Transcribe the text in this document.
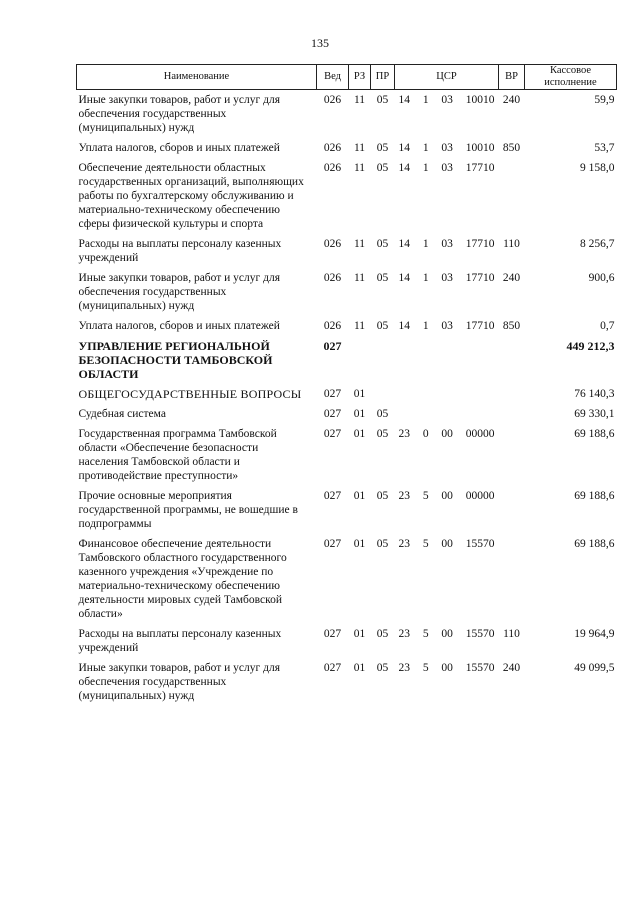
135
Наименование	Вед	РЗ	ПР	ЦСР	ВР	Кассовое исполнение
Иные закупки товаров, работ и услуг для обеспечения государственных (муниципальных) нужд	026	11	05	14 1 03 10010	240	59,9
Уплата налогов, сборов и иных платежей	026	11	05	14 1 03 10010	850	53,7
Обеспечение деятельности областных государственных организаций, выполняющих работы по бухгалтерскому обслуживанию и материально-техническому обеспечению сферы физической культуры и спорта	026	11	05	14 1 03 17710		9 158,0
Расходы на выплаты персоналу казенных учреждений	026	11	05	14 1 03 17710	110	8 256,7
Иные закупки товаров, работ и услуг для обеспечения государственных (муниципальных) нужд	026	11	05	14 1 03 17710	240	900,6
Уплата налогов, сборов и иных платежей	026	11	05	14 1 03 17710	850	0,7
УПРАВЛЕНИЕ РЕГИОНАЛЬНОЙ БЕЗОПАСНОСТИ ТАМБОВСКОЙ ОБЛАСТИ	027					449 212,3
ОБЩЕГОСУДАРСТВЕННЫЕ ВОПРОСЫ	027	01				76 140,3
Судебная система	027	01	05			69 330,1
Государственная программа Тамбовской области «Обеспечение безопасности населения Тамбовской области и противодействие преступности»	027	01	05	23 0 00 00000		69 188,6
Прочие основные мероприятия государственной программы, не вошедшие в подпрограммы	027	01	05	23 5 00 00000		69 188,6
Финансовое обеспечение деятельности Тамбовского областного государственного казенного учреждения «Учреждение по материально-техническому обеспечению деятельности мировых судей Тамбовской области»	027	01	05	23 5 00 15570		69 188,6
Расходы на выплаты персоналу казенных учреждений	027	01	05	23 5 00 15570	110	19 964,9
Иные закупки товаров, работ и услуг для обеспечения государственных (муниципальных) нужд	027	01	05	23 5 00 15570	240	49 099,5
